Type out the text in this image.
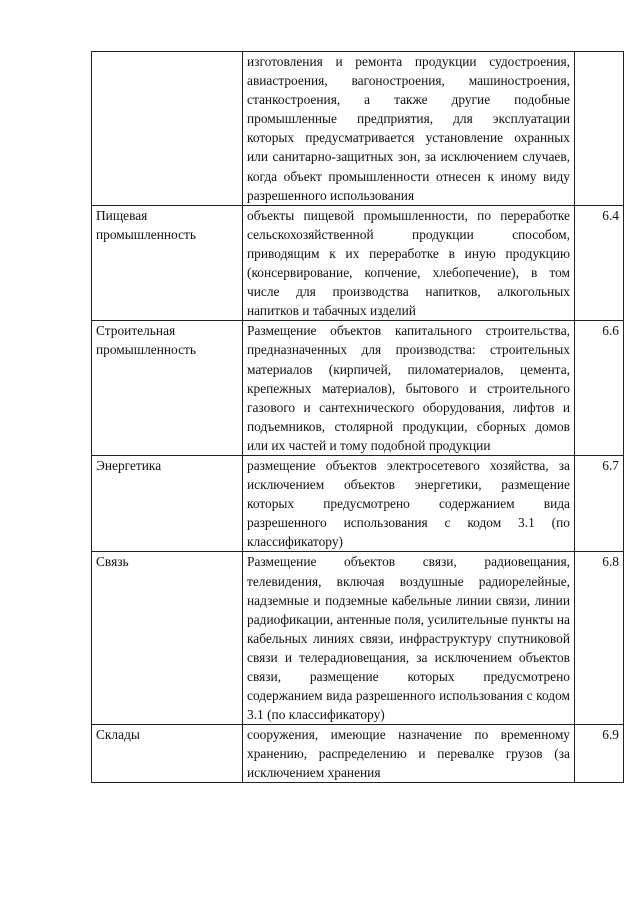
	изготовления и ремонта продукции судостроения, авиастроения, вагоностроения, машиностроения, станкостроения, а также другие подобные промышленные предприятия, для эксплуатации которых предусматривается установление охранных или санитарно-защитных зон, за исключением случаев, когда объект промышленности отнесен к иному виду разрешенного использования	
Пищевая промышленность	объекты пищевой промышленности, по переработке сельскохозяйственной продукции способом, приводящим к их переработке в иную продукцию (консервирование, копчение, хлебопечение), в том числе для производства напитков, алкогольных напитков и табачных изделий	6.4
Строительная промышленность	Размещение объектов капитального строительства, предназначенных для производства: строительных материалов (кирпичей, пиломатериалов, цемента, крепежных материалов), бытового и строительного газового и сантехнического оборудования, лифтов и подъемников, столярной продукции, сборных домов или их частей и тому подобной продукции	6.6
Энергетика	размещение объектов электросетевого хозяйства, за исключением объектов энергетики, размещение которых предусмотрено содержанием вида разрешенного использования с кодом 3.1 (по классификатору)	6.7
Связь	Размещение объектов связи, радиовещания, телевидения, включая воздушные радиорелейные, надземные и подземные кабельные линии связи, линии радиофикации, антенные поля, усилительные пункты на кабельных линиях связи, инфраструктуру спутниковой связи и телерадиовещания, за исключением объектов связи, размещение которых предусмотрено содержанием вида разрешенного использования с кодом 3.1 (по классификатору)	6.8

Склады	сооружения, имеющие назначение по временному хранению, распределению и перевалке грузов (за исключением хранения	6.9
